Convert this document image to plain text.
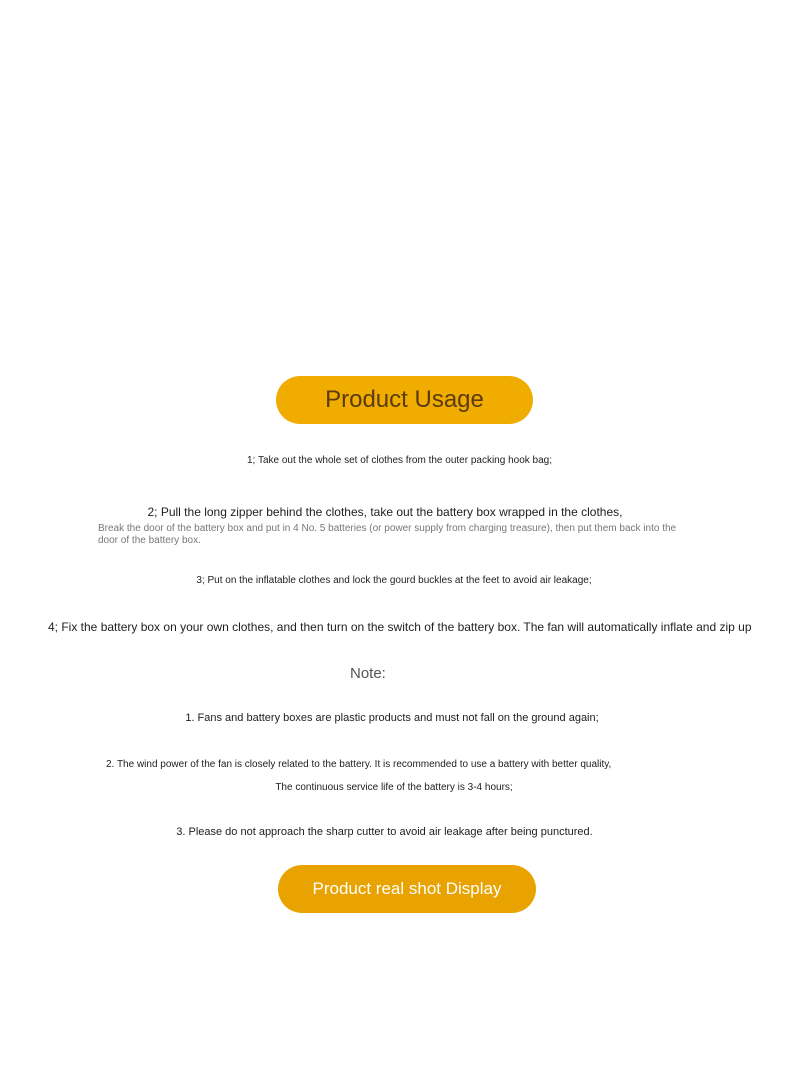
Product Usage
1; Take out the whole set of clothes from the outer packing hook bag;
2; Pull the long zipper behind the clothes, take out the battery box wrapped in the clothes,
Break the door of the battery box and put in 4 No. 5 batteries (or power supply from charging treasure), then put them back into the door of the battery box.
3; Put on the inflatable clothes and lock the gourd buckles at the feet to avoid air leakage;
4; Fix the battery box on your own clothes, and then turn on the switch of the battery box. The fan will automatically inflate and zip up
Note:
1. Fans and battery boxes are plastic products and must not fall on the ground again;
2. The wind power of the fan is closely related to the battery. It is recommended to use a battery with better quality,
The continuous service life of the battery is 3-4 hours;
3. Please do not approach the sharp cutter to avoid air leakage after being punctured.
Product real shot Display
